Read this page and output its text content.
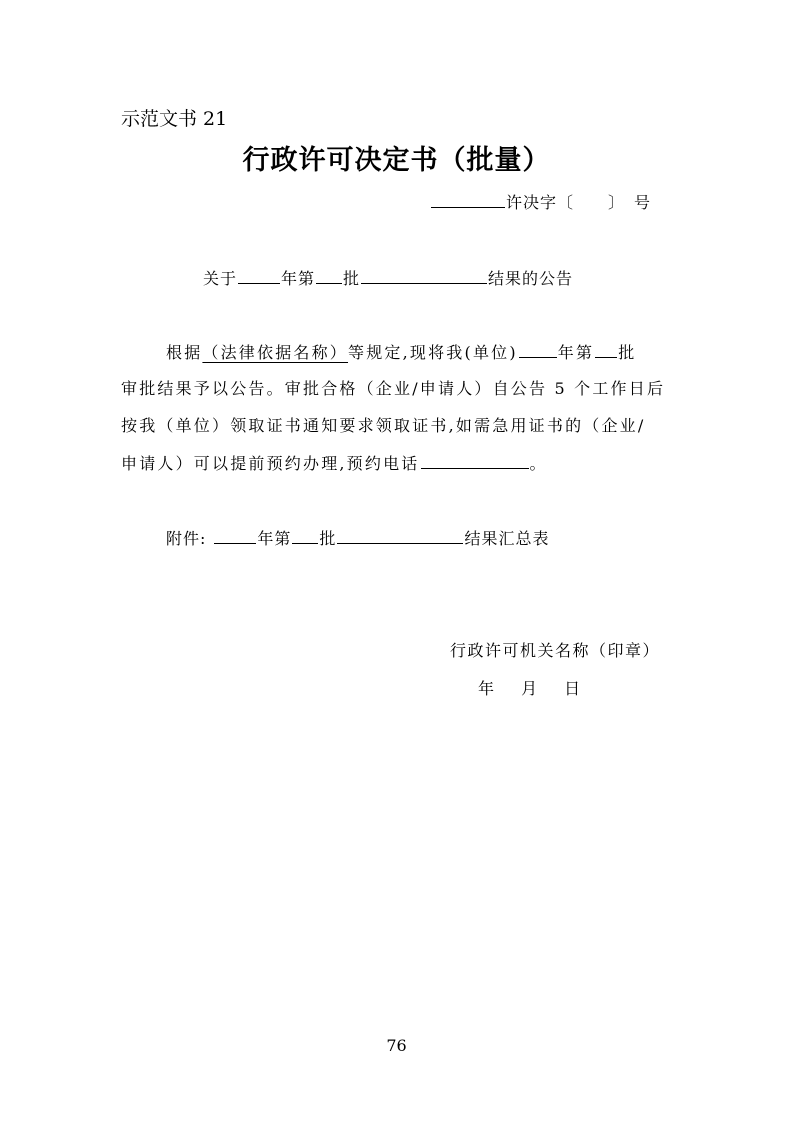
示范文书 21
行政许可决定书（批量）
许决字〔　　 〕　号
关于	年第 批	结果的公告
根据（法律依据名称）等规定,现将我(单位)	年第 批
审批结果予以公告。审批合格（企业/申请人）自公告 5 个工作日后
按我（单位）领取证书通知要求领取证书,如需急用证书的（企业/
申请人）可以提前预约办理,预约电话	。
附件:	年第 批	结果汇总表
行政许可机关名称（印章）
年 月 日
76
